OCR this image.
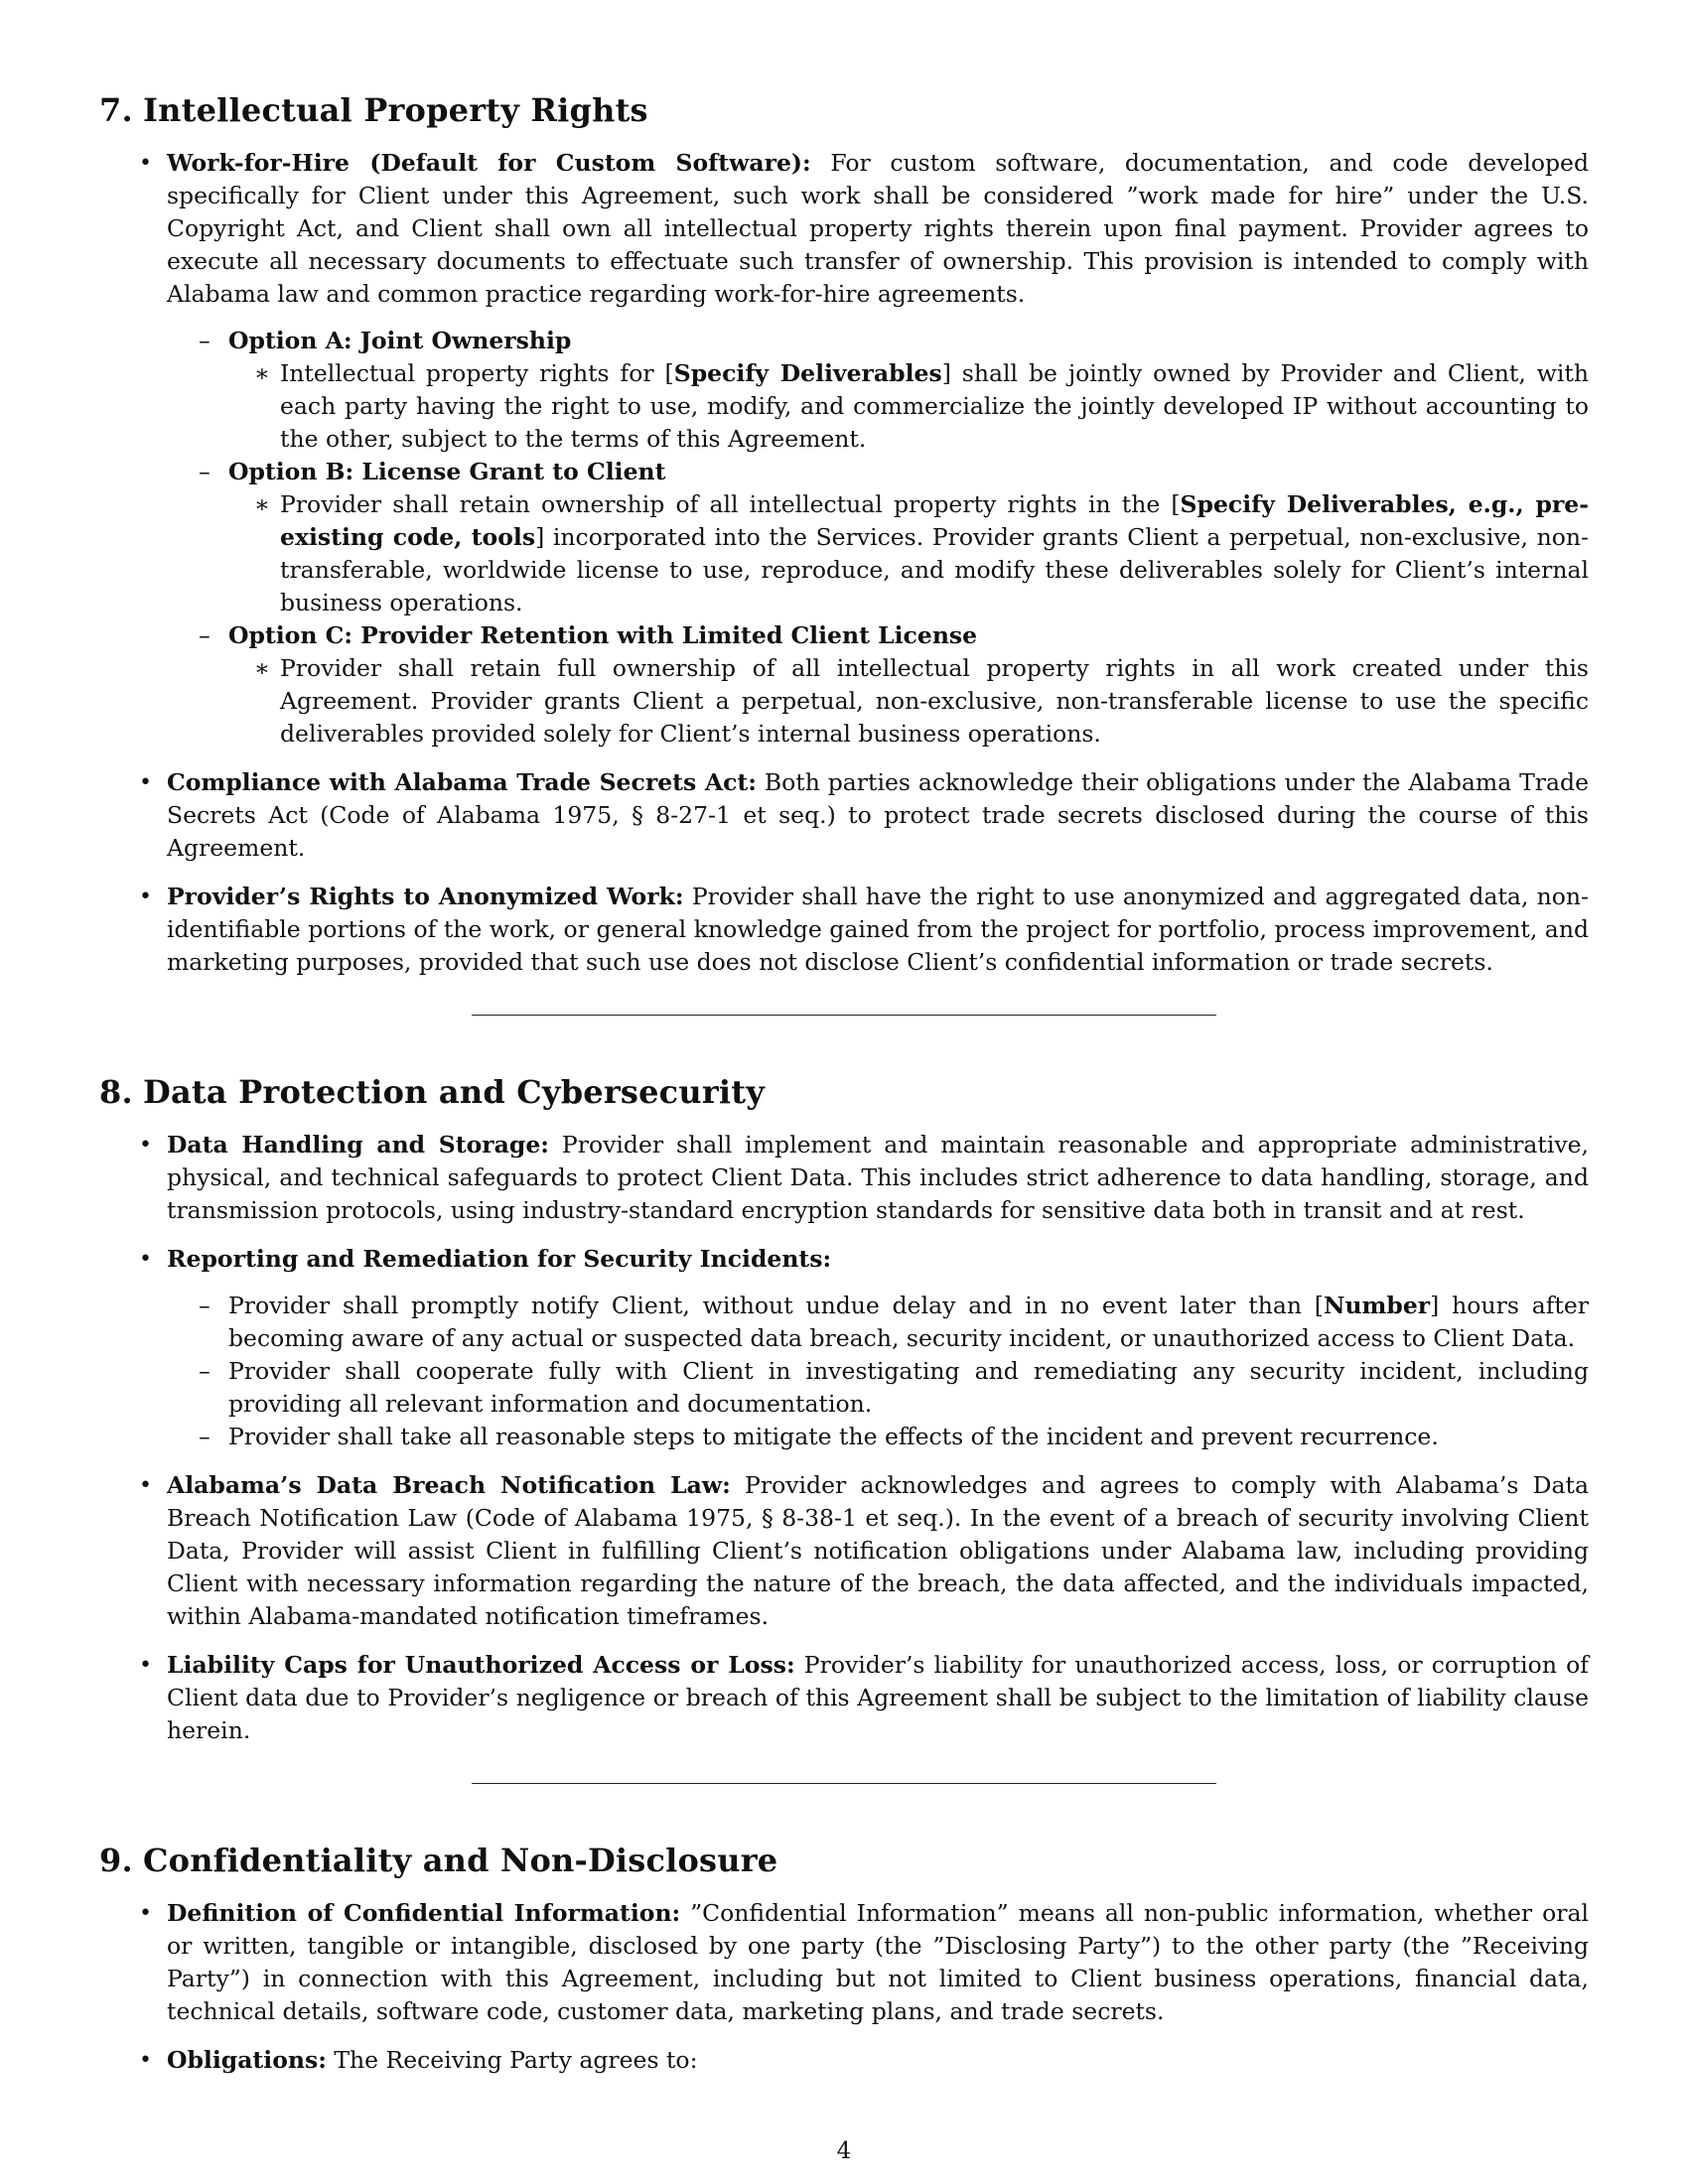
7. Intellectual Property Rights
• Work-for-Hire (Default for Custom Software): For custom software, documentation, and code developed specifically for Client under this Agreement, such work shall be considered ”work made for hire” under the U.S. Copyright Act, and Client shall own all intellectual property rights therein upon final payment. Provider agrees to execute all necessary documents to effectuate such transfer of ownership. This provision is intended to comply with Alabama law and common practice regarding work-for-hire agreements.
– Option A: Joint Ownership
∗ Intellectual property rights for [Specify Deliverables] shall be jointly owned by Provider and Client, with each party having the right to use, modify, and commercialize the jointly developed IP without accounting to the other, subject to the terms of this Agreement.
– Option B: License Grant to Client
∗ Provider shall retain ownership of all intellectual property rights in the [Specify Deliverables, e.g., pre-existing code, tools] incorporated into the Services. Provider grants Client a perpetual, non-exclusive, non-transferable, worldwide license to use, reproduce, and modify these deliverables solely for Client’s internal business operations.
– Option C: Provider Retention with Limited Client License
∗ Provider shall retain full ownership of all intellectual property rights in all work created under this Agreement. Provider grants Client a perpetual, non-exclusive, non-transferable license to use the specific deliverables provided solely for Client’s internal business operations.
• Compliance with Alabama Trade Secrets Act: Both parties acknowledge their obligations under the Alabama Trade Secrets Act (Code of Alabama 1975, § 8-27-1 et seq.) to protect trade secrets disclosed during the course of this Agreement.
• Provider’s Rights to Anonymized Work: Provider shall have the right to use anonymized and aggregated data, non-identifiable portions of the work, or general knowledge gained from the project for portfolio, process improvement, and marketing purposes, provided that such use does not disclose Client’s confidential information or trade secrets.
8. Data Protection and Cybersecurity
• Data Handling and Storage: Provider shall implement and maintain reasonable and appropriate administrative, physical, and technical safeguards to protect Client Data. This includes strict adherence to data handling, storage, and transmission protocols, using industry-standard encryption standards for sensitive data both in transit and at rest.
• Reporting and Remediation for Security Incidents:
– Provider shall promptly notify Client, without undue delay and in no event later than [Number] hours after becoming aware of any actual or suspected data breach, security incident, or unauthorized access to Client Data.
– Provider shall cooperate fully with Client in investigating and remediating any security incident, including providing all relevant information and documentation.
– Provider shall take all reasonable steps to mitigate the effects of the incident and prevent recurrence.
• Alabama’s Data Breach Notification Law: Provider acknowledges and agrees to comply with Alabama’s Data Breach Notification Law (Code of Alabama 1975, § 8-38-1 et seq.). In the event of a breach of security involving Client Data, Provider will assist Client in fulfilling Client’s notification obligations under Alabama law, including providing Client with necessary information regarding the nature of the breach, the data affected, and the individuals impacted, within Alabama-mandated notification timeframes.
• Liability Caps for Unauthorized Access or Loss: Provider’s liability for unauthorized access, loss, or corruption of Client data due to Provider’s negligence or breach of this Agreement shall be subject to the limitation of liability clause herein.
9. Confidentiality and Non-Disclosure
• Definition of Confidential Information: ”Confidential Information” means all non-public information, whether oral or written, tangible or intangible, disclosed by one party (the ”Disclosing Party”) to the other party (the ”Receiving Party”) in connection with this Agreement, including but not limited to Client business operations, financial data, technical details, software code, customer data, marketing plans, and trade secrets.
• Obligations: The Receiving Party agrees to:
4
